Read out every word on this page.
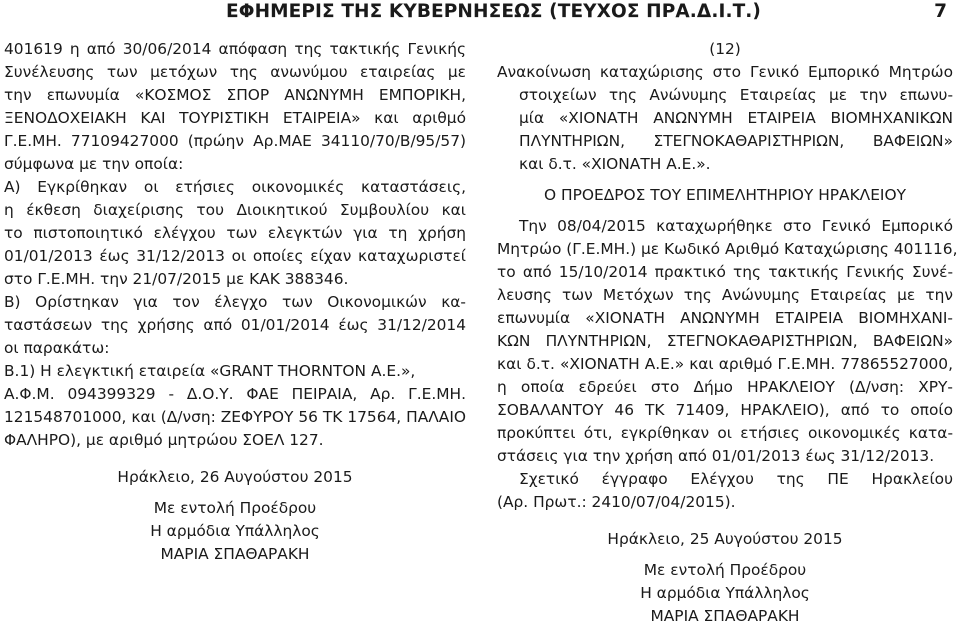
ΕΦΗΜΕΡΙΣ ΤΗΣ ΚΥΒΕΡΝΗΣΕΩΣ (ΤΕΥΧΟΣ ΠΡΑ.Δ.Ι.Τ.)	7
401619 η από 30/06/2014 απόφαση της τακτικής Γενικής
Συνέλευσης των μετόχων της ανωνύμου εταιρείας με
την επωνυμία «ΚΟΣΜΟΣ ΣΠΟΡ ΑΝΩΝΥΜΗ ΕΜΠΟΡΙΚΗ,
ΞΕΝΟΔΟΧΕΙΑΚΗ ΚΑΙ ΤΟΥΡΙΣΤΙΚΗ ΕΤΑΙΡΕΙΑ» και αριθμό
Γ.Ε.ΜΗ. 77109427000 (πρώην Αρ.ΜΑΕ 34110/70/Β/95/57)
σύμφωνα με την οποία:
Α) Εγκρίθηκαν οι ετήσιες οικονομικές καταστάσεις,
η έκθεση διαχείρισης του Διοικητικού Συμβουλίου και
το πιστοποιητικό ελέγχου των ελεγκτών για τη χρήση
01/01/2013 έως 31/12/2013 οι οποίες είχαν καταχωριστεί
στο Γ.Ε.ΜΗ. την 21/07/2015 με ΚΑΚ 388346.
Β) Ορίστηκαν για τον έλεγχο των Οικονομικών κα-
ταστάσεων της χρήσης από 01/01/2014 έως 31/12/2014
οι παρακάτω:
Β.1) Η ελεγκτική εταιρεία «GRANT THORNTON Α.Ε.»,
Α.Φ.Μ. 094399329 - Δ.Ο.Υ. ΦΑΕ ΠΕΙΡΑΙΑ, Αρ. Γ.Ε.ΜΗ.
121548701000, και (Δ/νση: ΖΕΦΥΡΟΥ 56 ΤΚ 17564, ΠΑΛΑΙΟ
ΦΑΛΗΡΟ), με αριθμό μητρώου ΣΟΕΛ 127.
Ηράκλειο, 26 Αυγούστου 2015
Με εντολή Προέδρου
Η αρμόδια Υπάλληλος
ΜΑΡΙΑ ΣΠΑΘΑΡΑΚΗ
(12)
Ανακοίνωση καταχώρισης στο Γενικό Εμπορικό Μητρώο
στοιχείων της Ανώνυμης Εταιρείας με την επωνυ-
μία «ΧΙΟΝΑΤΗ ΑΝΩΝΥΜΗ ΕΤΑΙΡΕΙΑ ΒΙΟΜΗΧΑΝΙΚΩΝ
ΠΛΥΝΤΗΡΙΩΝ, ΣΤΕΓΝΟΚΑΘΑΡΙΣΤΗΡΙΩΝ, ΒΑΦΕΙΩΝ»
και δ.τ. «ΧΙΟΝΑΤΗ Α.Ε.».
Ο ΠΡΟΕΔΡΟΣ ΤΟΥ ΕΠΙΜΕΛΗΤΗΡΙΟΥ ΗΡΑΚΛΕΙΟΥ
Την 08/04/2015 καταχωρήθηκε στο Γενικό Εμπορικό
Μητρώο (Γ.Ε.ΜΗ.) με Κωδικό Αριθμό Καταχώρισης 401116,
το από 15/10/2014 πρακτικό της τακτικής Γενικής Συνέ-
λευσης των Μετόχων της Ανώνυμης Εταιρείας με την
επωνυμία «ΧΙΟΝΑΤΗ ΑΝΩΝΥΜΗ ΕΤΑΙΡΕΙΑ ΒΙΟΜΗΧΑΝΙ-
ΚΩΝ ΠΛΥΝΤΗΡΙΩΝ, ΣΤΕΓΝΟΚΑΘΑΡΙΣΤΗΡΙΩΝ, ΒΑΦΕΙΩΝ»
και δ.τ. «ΧΙΟΝΑΤΗ Α.Ε.» και αριθμό Γ.Ε.ΜΗ. 77865527000,
η οποία εδρεύει στο Δήμο ΗΡΑΚΛΕΙΟΥ (Δ/νση: ΧΡΥ-
ΣΟΒΑΛΑΝΤΟΥ 46 ΤΚ 71409, ΗΡΑΚΛΕΙΟ), από το οποίο
προκύπτει ότι, εγκρίθηκαν οι ετήσιες οικονομικές κατα-
στάσεις για την χρήση από 01/01/2013 έως 31/12/2013.
Σχετικό έγγραφο Ελέγχου της ΠΕ Ηρακλείου
(Αρ. Πρωτ.: 2410/07/04/2015).
Ηράκλειο, 25 Αυγούστου 2015
Με εντολή Προέδρου
Η αρμόδια Υπάλληλος
ΜΑΡΙΑ ΣΠΑΘΑΡΑΚΗ
